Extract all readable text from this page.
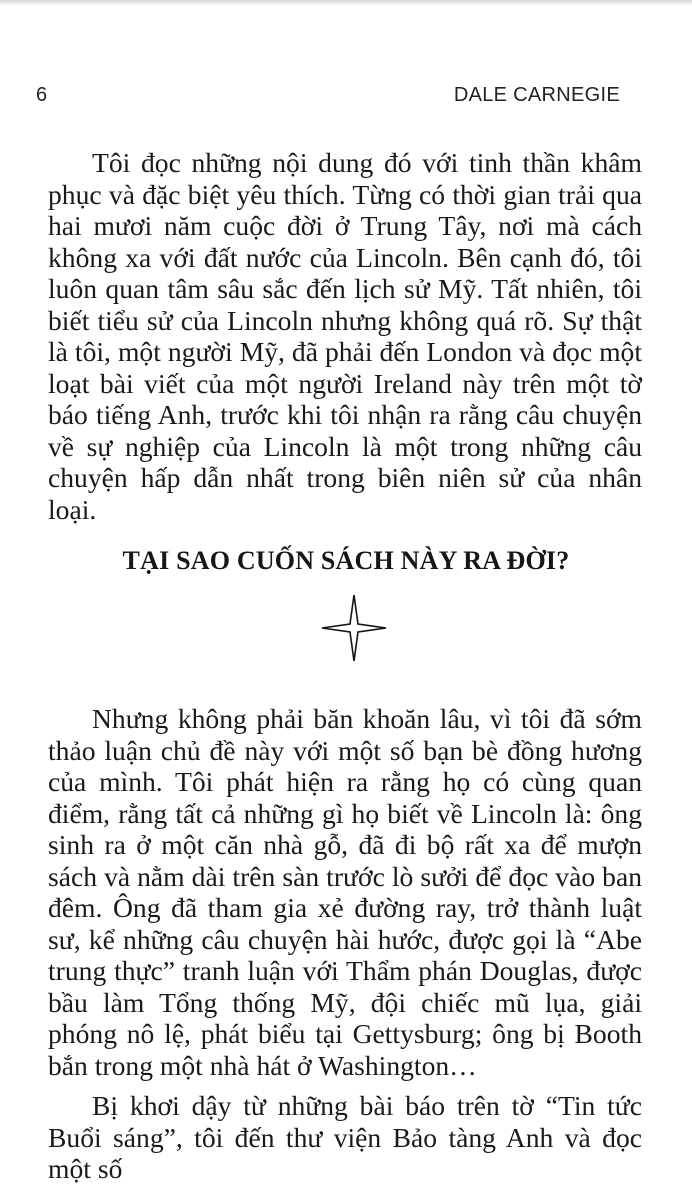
6	DALE CARNEGIE

Tôi đọc những nội dung đó với tinh thần khâm phục và đặc biệt yêu thích. Từng có thời gian trải qua hai mươi năm cuộc đời ở Trung Tây, nơi mà cách không xa với đất nước của Lincoln. Bên cạnh đó, tôi luôn quan tâm sâu sắc đến lịch sử Mỹ. Tất nhiên, tôi biết tiểu sử của Lincoln nhưng không quá rõ. Sự thật là tôi, một người Mỹ, đã phải đến London và đọc một loạt bài viết của một người Ireland này trên một tờ báo tiếng Anh, trước khi tôi nhận ra rằng câu chuyện về sự nghiệp của Lincoln là một trong những câu chuyện hấp dẫn nhất trong biên niên sử của nhân loại.

TẠI SAO CUỐN SÁCH NÀY RA ĐỜI?

Nhưng không phải băn khoăn lâu, vì tôi đã sớm thảo luận chủ đề này với một số bạn bè đồng hương của mình. Tôi phát hiện ra rằng họ có cùng quan điểm, rằng tất cả những gì họ biết về Lincoln là: ông sinh ra ở một căn nhà gỗ, đã đi bộ rất xa để mượn sách và nằm dài trên sàn trước lò sưởi để đọc vào ban đêm. Ông đã tham gia xẻ đường ray, trở thành luật sư, kể những câu chuyện hài hước, được gọi là “Abe trung thực” tranh luận với Thẩm phán Douglas, được bầu làm Tổng thống Mỹ, đội chiếc mũ lụa, giải phóng nô lệ, phát biểu tại Gettysburg; ông bị Booth bắn trong một nhà hát ở Washington…

Bị khơi dậy từ những bài báo trên tờ “Tin tức Buổi sáng”, tôi đến thư viện Bảo tàng Anh và đọc một số
